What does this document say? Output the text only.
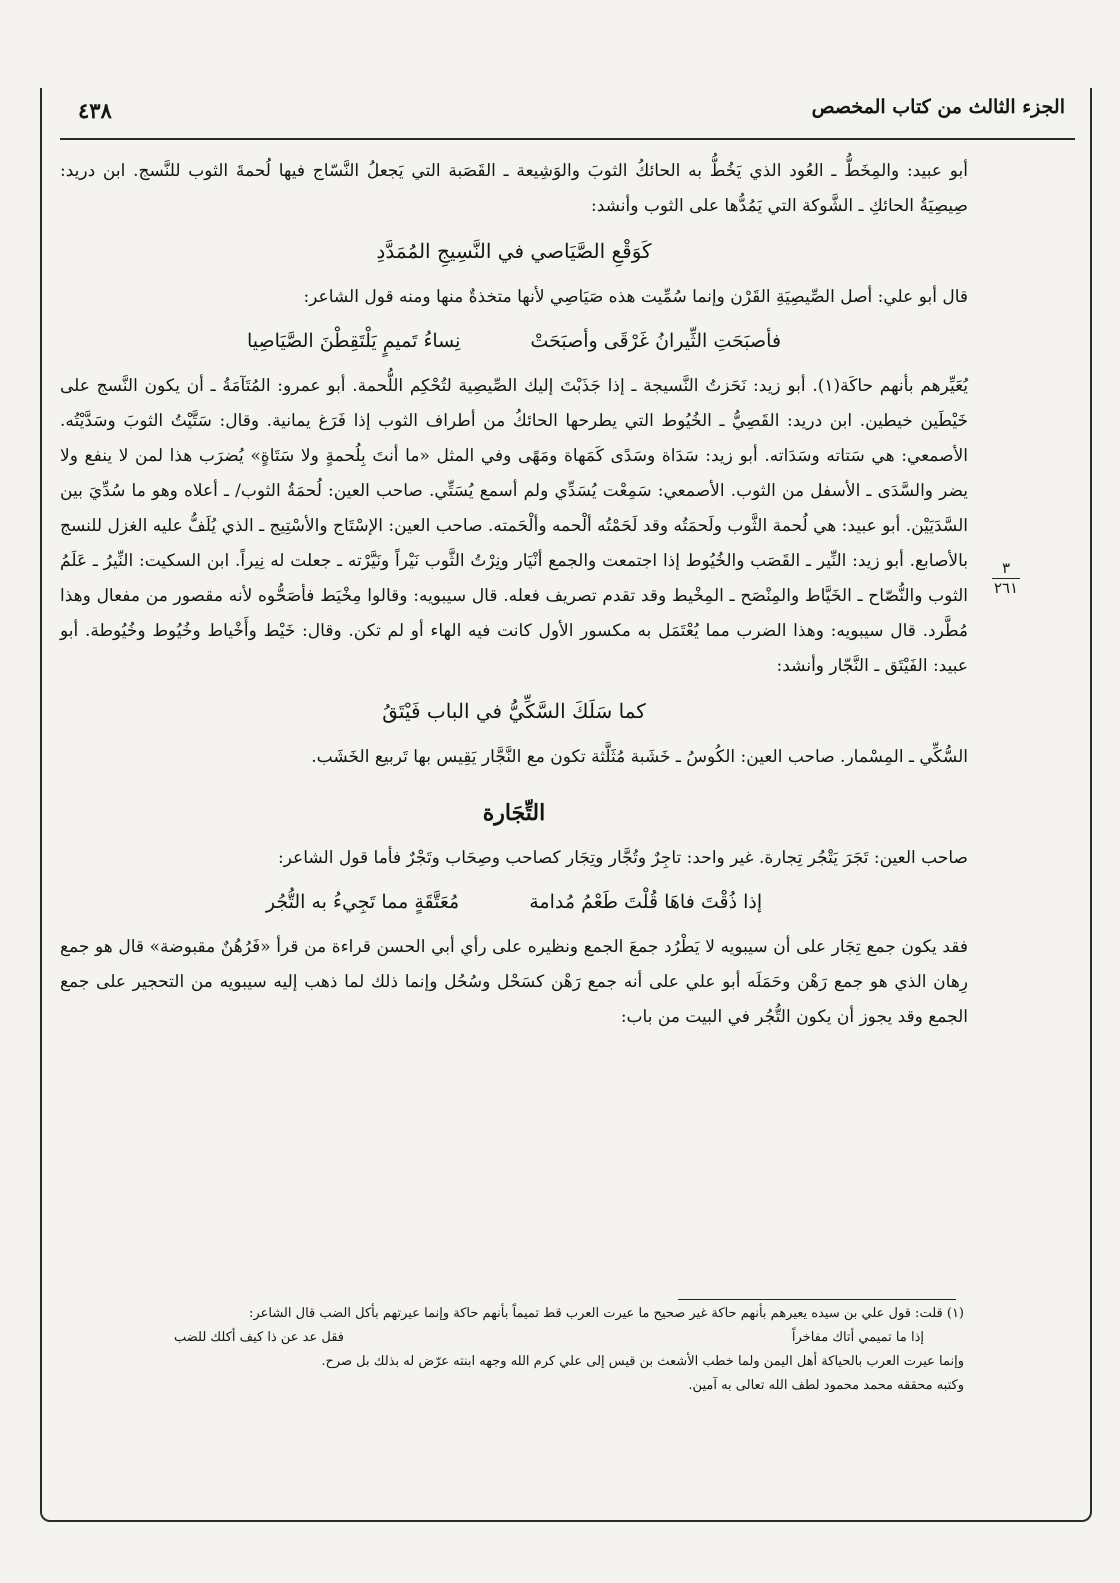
الجزء الثالث من كتاب المخصص
٤٣٨
٣
٢٦١

أبو عبيد: والمِخَطُّ ـ العُود الذي يَخُطُّ به الحائكُ الثوبَ والوَشِيعة ـ القَصَبة التي يَجعلُ النَّسّاج فيها لُحمةَ الثوب للنَّسج. ابن دريد: صِيصِيَةُ الحائكِ ـ الشَّوكة التي يَمُدُّها على الثوب وأنشد:

كَوَقْعِ الصَّيَاصي في النَّسِيجِ المُمَدَّدِ

قال أبو علي: أصل الصِّيصِيَةِ القَرْن وإنما سُمِّيت هذه صَيَاصِي لأنها متخذةٌ منها ومنه قول الشاعر:

فأصبَحَتِ الثِّيرانُ غَرْقَى وأصبَحَتْ
نِساءُ تَميمٍ يَلْتَقِطْنَ الصَّيَاصِيا

يُعَيِّرهم بأنهم حاكَة(١). أبو زيد: نَحَزتُ النَّسيجة ـ إذا جَذَبْتَ إليك الصِّيصِية لتُحْكِم اللُّحمة. أبو عمرو: المُتَآمَةُ ـ أن يكون النَّسج على خَيْطَين خيطين. ابن دريد: القَصِيُّ ـ الخُيُوط التي يطرحها الحائكُ من أطراف الثوب إذا فَرَغ يمانية. وقال: سَتَّيْتُ الثوبَ وسَدَّيْتُه. الأصمعي: هي سَتاته وسَدَاته. أبو زيد: سَدَاة وسَدًى كَمَهاة ومَهًى وفي المثل «ما أنتَ بِلُحمةٍ ولا سَتَاةٍ» يُضرَب هذا لمن لا ينفع ولا يضر والسَّدَى ـ الأسفل من الثوب. الأصمعي: سَمِعْت يُسَدِّي ولم أسمع يُسَتِّي. صاحب العين: لُحمَةُ الثوب/ ـ أعلاه وهو ما سُدِّيَ بين السَّدَيَيْن. أبو عبيد: هي لُحمة الثَّوب ولَحمَتُه وقد لَحَمْتُه ألْحمه وألْحَمته. صاحب العين: الإسْتَاج والأسْتِيج ـ الذي يُلَفُّ عليه الغزل للنسج بالأصابع. أبو زيد: النِّير ـ القَصَب والخُيُوط إذا اجتمعت والجمع أنْيَار ونِرْتُ الثَّوب نَيْراً ونَيَّرْته ـ جعلت له نِيراً. ابن السكيت: النِّيرُ ـ عَلَمُ الثوب والنُّصّاح ـ الخَيَّاط والمِنْصَح ـ المِخْيط وقد تقدم تصريف فعله. قال سيبويه: وقالوا مِخْيَط فأصَحُّوه لأنه مقصور من مفعال وهذا مُطَّرد. قال سيبويه: وهذا الضرب مما يُعْتَمَل به مكسور الأول كانت فيه الهاء أو لم تكن. وقال: خَيْط وأَخْياط وخُيُوط وخُيُوطة. أبو عبيد: الفَيْتَق ـ النَّجّار وأنشد:

كما سَلَكَ السَّكِّيُّ في الباب فَيْتَقُ

السُّكِّي ـ المِسْمار. صاحب العين: الكُوسُ ـ خَشَبة مُثَلَّثة تكون مع النَّجَّار يَقِيس بها تَربيع الخَشَب.

التِّجَارة

صاحب العين: تَجَرَ يَتْجُر تِجارة. غير واحد: تاجِرٌ وتُجَّار وتِجَار كصاحب وصِحَاب وتَجْرٌ فأما قول الشاعر:

إذا ذُقْتَ فاهَا قُلْتَ طَعْمُ مُدامة
مُعَتَّقَةٍ مما تَجِيءُ به التُّجُر

فقد يكون جمع تِجَار على أن سيبويه لا يَطْرُد جمعَ الجمع ونظيره على رأي أبي الحسن قراءة من قرأ «فَرُهُنٌ مقبوضة» قال هو جمع رِهان الذي هو جمع رَهْن وحَمَلَه أبو علي على أنه جمع رَهْن كسَحْل وسُحُل وإنما ذلك لما ذهب إليه سيبويه من التحجير على جمع الجمع وقد يجوز أن يكون التُّجُر في البيت من باب:

(١) قلت: قول علي بن سيده يعيرهم بأنهم حاكة غير صحيح ما عيرت العرب قط تميماً بأنهم حاكة وإنما عيرتهم بأكل الضب قال الشاعر:

إذا ما تميمي أتاك مفاخراً
فقل عد عن ذا كيف أكلك للضب

وإنما عيرت العرب بالحياكة أهل اليمن ولما خطب الأشعث بن قيس إلى علي كرم الله وجهه ابنته عرّض له بذلك بل صرح.

وكتبه محققه محمد محمود لطف الله تعالى به آمين.
